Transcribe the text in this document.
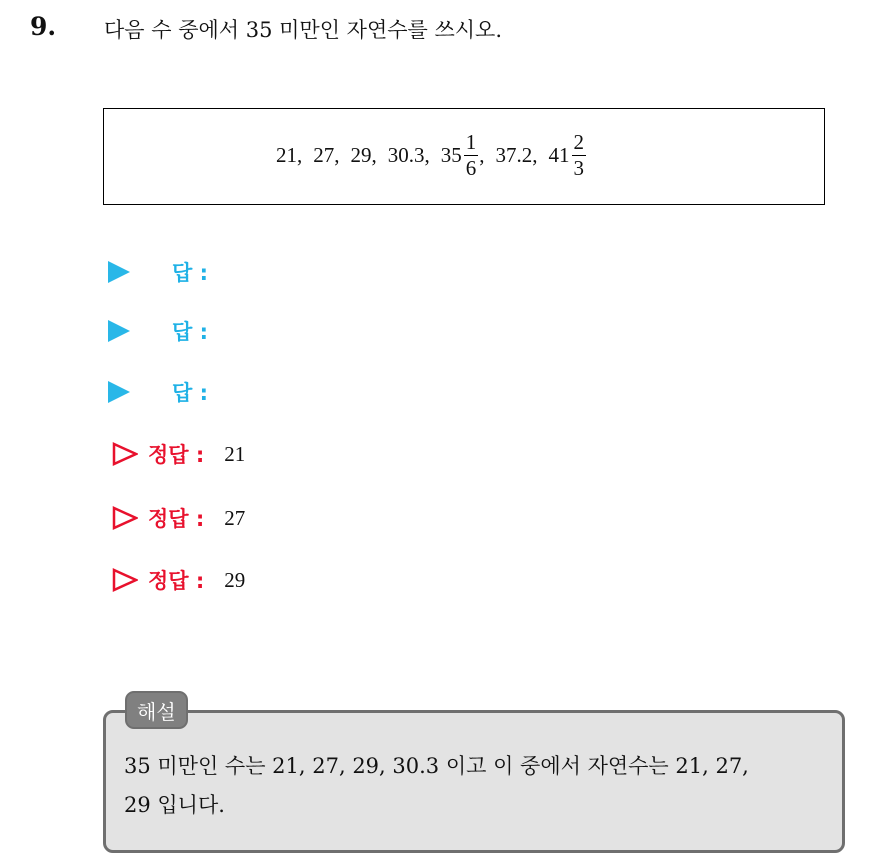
9. 다음 수 중에서 35 미만인 자연수를 쓰시오.
21 , 27 , 29 , 30.3 , $35 \frac{1}{6}$ , 37.2 , $41 \frac{2}{3}$
답 :
답 :
답 :
정답 : 21
정답 : 27
정답 : 29
35 미만인 수는 21, 27, 29, 30.3 이고 이 중에서 자연수는 21, 27,
29 입니다.
해설
